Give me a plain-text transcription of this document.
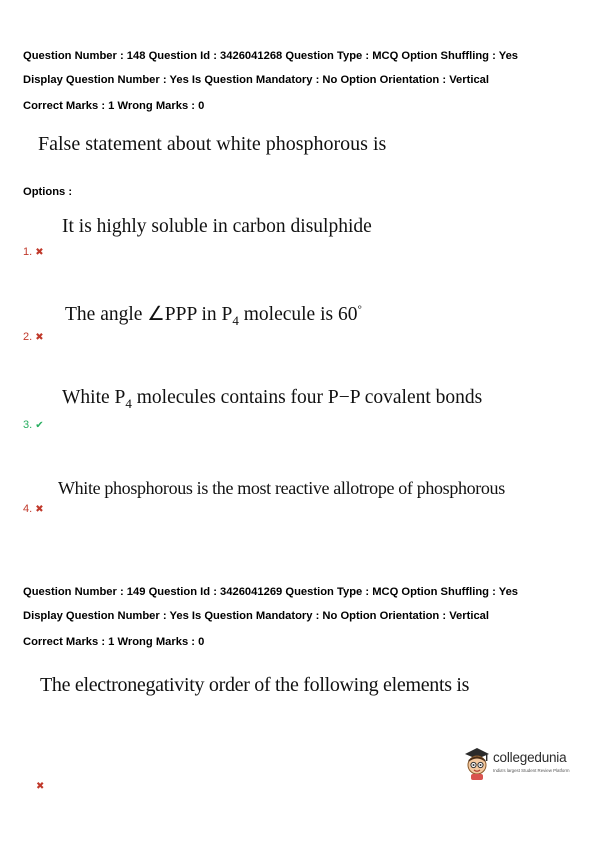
Question Number : 148 Question Id : 3426041268 Question Type : MCQ Option Shuffling : Yes
Display Question Number : Yes Is Question Mandatory : No Option Orientation : Vertical
Correct Marks : 1 Wrong Marks : 0
False statement about white phosphorous is
Options :
It is highly soluble in carbon disulphide
1. ✖
The angle ∠PPP in $P_4$ molecule is 60°
2. ✖
White $P_4$ molecules contains four P−P covalent bonds
3. ✔
White phosphorous is the most reactive allotrope of phosphorous
4. ✖
Question Number : 149 Question Id : 3426041269 Question Type : MCQ Option Shuffling : Yes
Display Question Number : Yes Is Question Mandatory : No Option Orientation : Vertical
Correct Marks : 1 Wrong Marks : 0
The electronegativity order of the following elements is
collegedunia
India's largest Student Review Platform
✖
